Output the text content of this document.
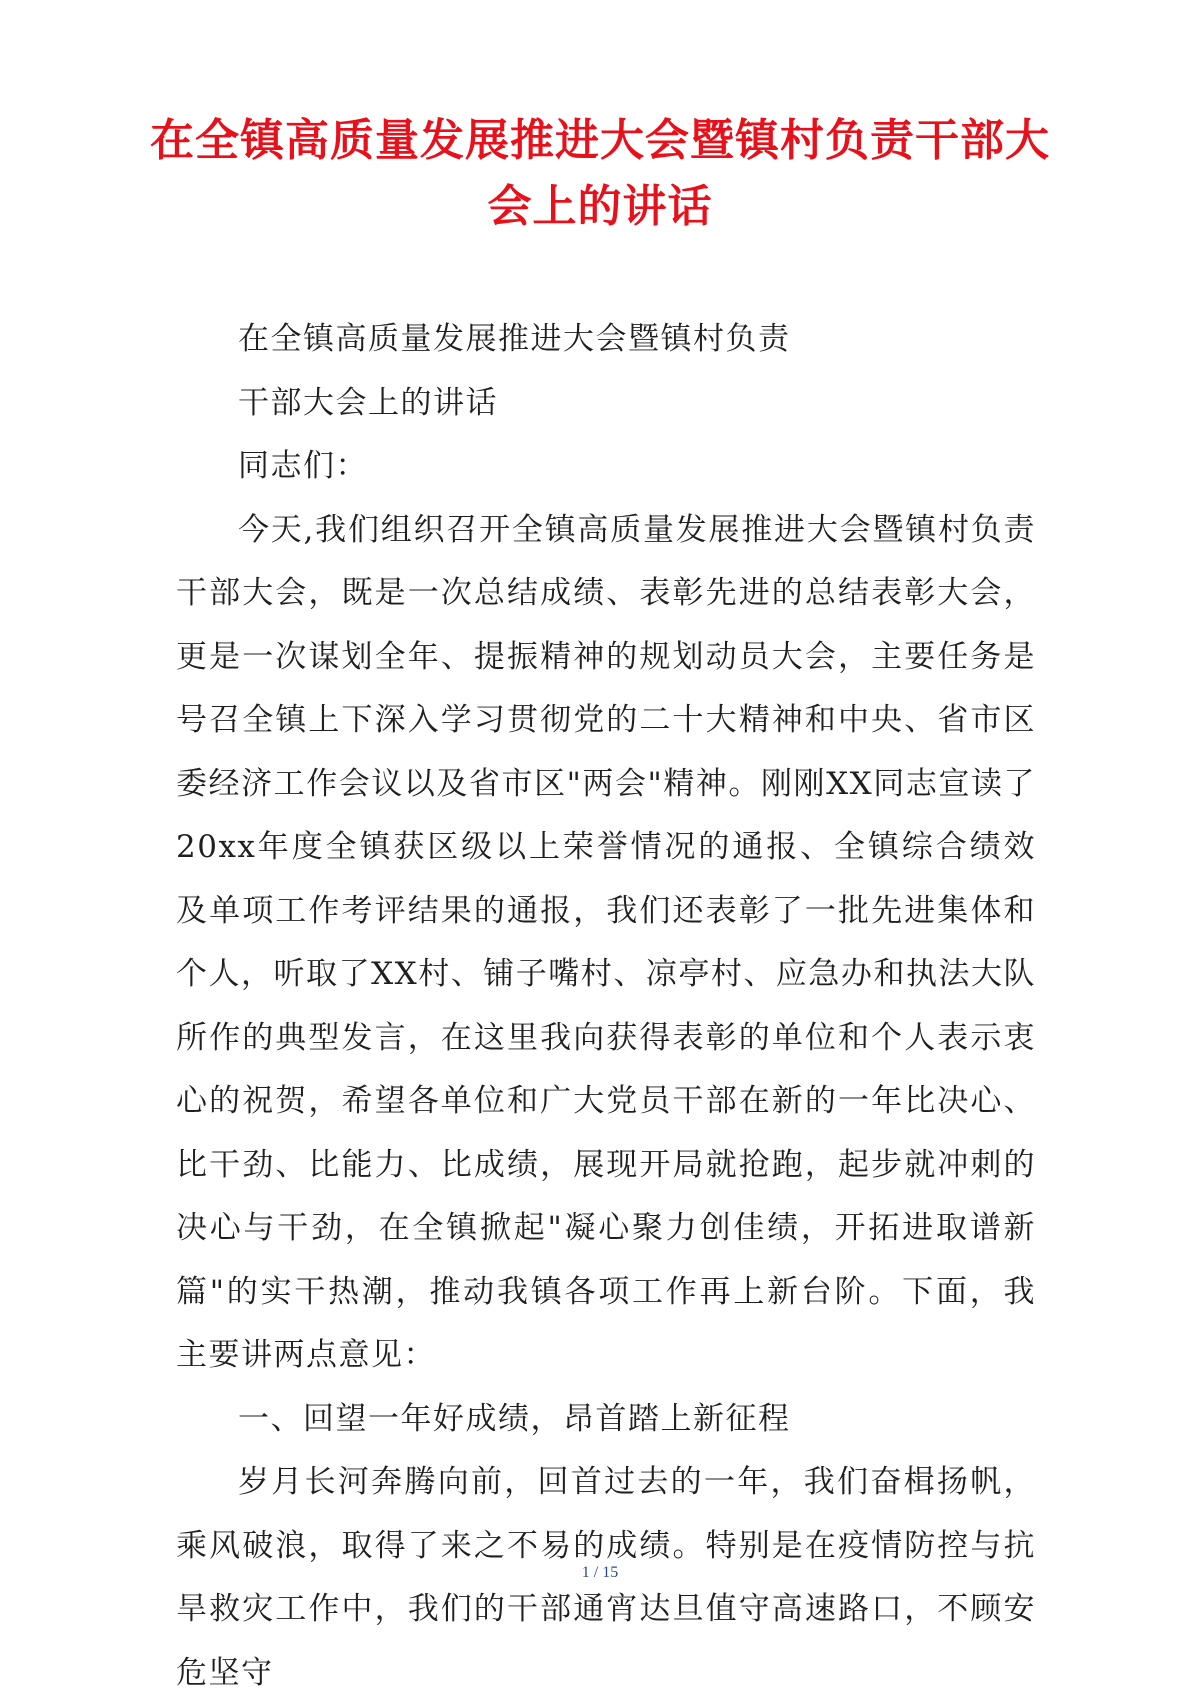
在全镇高质量发展推进大会暨镇村负责干部大会上的讲话

在全镇高质量发展推进大会暨镇村负责

干部大会上的讲话

同志们：

今天,我们组织召开全镇高质量发展推进大会暨镇村负责干部大会，既是一次总结成绩、表彰先进的总结表彰大会，更是一次谋划全年、提振精神的规划动员大会，主要任务是号召全镇上下深入学习贯彻党的二十大精神和中央、省市区委经济工作会议以及省市区"两会"精神。刚刚XX同志宣读了20xx年度全镇获区级以上荣誉情况的通报、全镇综合绩效及单项工作考评结果的通报，我们还表彰了一批先进集体和个人，听取了XX村、铺子嘴村、凉亭村、应急办和执法大队所作的典型发言，在这里我向获得表彰的单位和个人表示衷心的祝贺，希望各单位和广大党员干部在新的一年比决心、比干劲、比能力、比成绩，展现开局就抢跑，起步就冲刺的决心与干劲，在全镇掀起"凝心聚力创佳绩，开拓进取谱新篇"的实干热潮，推动我镇各项工作再上新台阶。下面，我主要讲两点意见：

一、回望一年好成绩，昂首踏上新征程

岁月长河奔腾向前，回首过去的一年，我们奋楫扬帆，乘风破浪，取得了来之不易的成绩。特别是在疫情防控与抗旱救灾工作中，我们的干部通宵达旦值守高速路口，不顾安危坚守

1 / 15
